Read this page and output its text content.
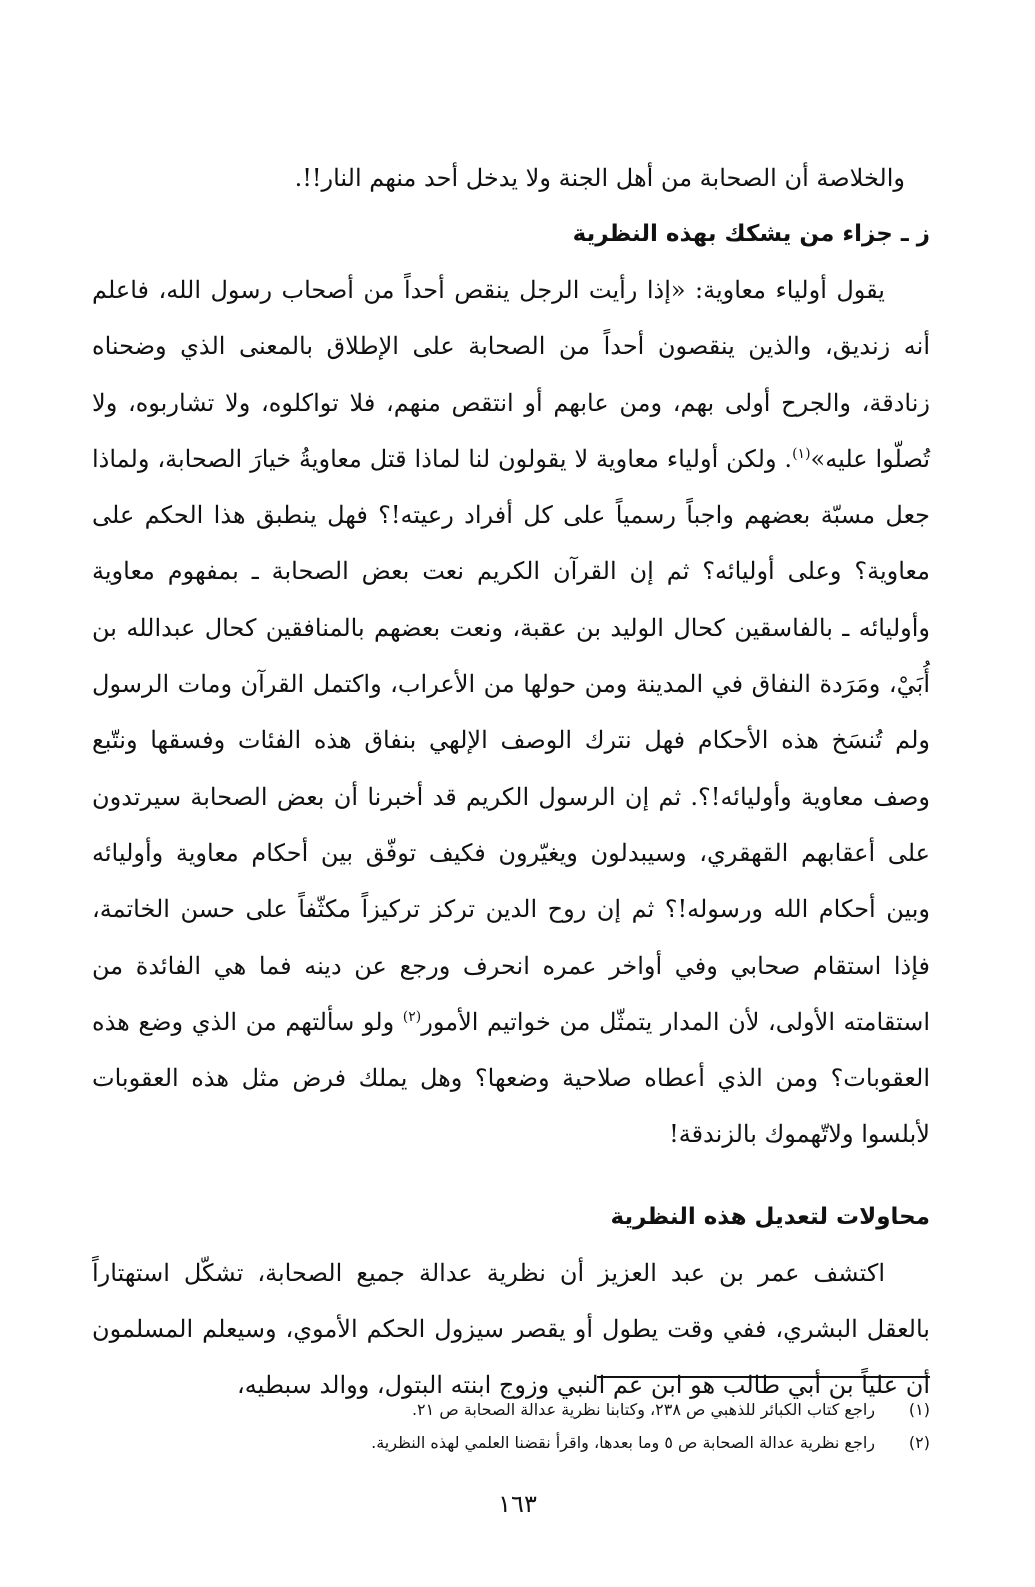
والخلاصة أن الصحابة من أهل الجنة ولا يدخل أحد منهم النار!!.

ز ـ جزاء من يشكك بهذه النظرية

يقول أولياء معاوية: «إذا رأيت الرجل ينقص أحداً من أصحاب رسول الله، فاعلم أنه زنديق، والذين ينقصون أحداً من الصحابة على الإطلاق بالمعنى الذي وضحناه زنادقة، والجرح أولى بهم، ومن عابهم أو انتقص منهم، فلا تواكلوه، ولا تشاربوه، ولا تُصلّوا عليه»$^{(١)}$. ولكن أولياء معاوية لا يقولون لنا لماذا قتل معاويةُ خيارَ الصحابة، ولماذا جعل مسبّة بعضهم واجباً رسمياً على كل أفراد رعيته!؟ فهل ينطبق هذا الحكم على معاوية؟ وعلى أوليائه؟ ثم إن القرآن الكريم نعت بعض الصحابة ـ بمفهوم معاوية وأوليائه ـ بالفاسقين كحال الوليد بن عقبة، ونعت بعضهم بالمنافقين كحال عبدالله بن أُبَيْ، ومَرَدة النفاق في المدينة ومن حولها من الأعراب، واكتمل القرآن ومات الرسول ولم تُنسَخ هذه الأحكام فهل نترك الوصف الإلهي بنفاق هذه الفئات وفسقها ونتّبع وصف معاوية وأوليائه!؟. ثم إن الرسول الكريم قد أخبرنا أن بعض الصحابة سيرتدون على أعقابهم القهقري، وسيبدلون ويغيّرون فكيف توفّق بين أحكام معاوية وأوليائه وبين أحكام الله ورسوله!؟ ثم إن روح الدين تركز تركيزاً مكثّفاً على حسن الخاتمة، فإذا استقام صحابي وفي أواخر عمره انحرف ورجع عن دينه فما هي الفائدة من استقامته الأولى، لأن المدار يتمثّل من خواتيم الأمور$^{(٢)}$ ولو سألتهم من الذي وضع هذه العقوبات؟ ومن الذي أعطاه صلاحية وضعها؟ وهل يملك فرض مثل هذه العقوبات لأبلسوا ولاتّهموك بالزندقة!

محاولات لتعديل هذه النظرية

اكتشف عمر بن عبد العزيز أن نظرية عدالة جميع الصحابة، تشكّل استهتاراً بالعقل البشري، ففي وقت يطول أو يقصر سيزول الحكم الأموي، وسيعلم المسلمون أن علياً بن أبي طالب هو ابن عم النبي وزوج ابنته البتول، ووالد سبطيه،

(١)
راجع كتاب الكبائر للذهبي ص ٢٣٨، وكتابنا نظرية عدالة الصحابة ص ٢١.
(٢)
راجع نظرية عدالة الصحابة ص ٥ وما بعدها، واقرأ نقضنا العلمي لهذه النظرية.
١٦٣
